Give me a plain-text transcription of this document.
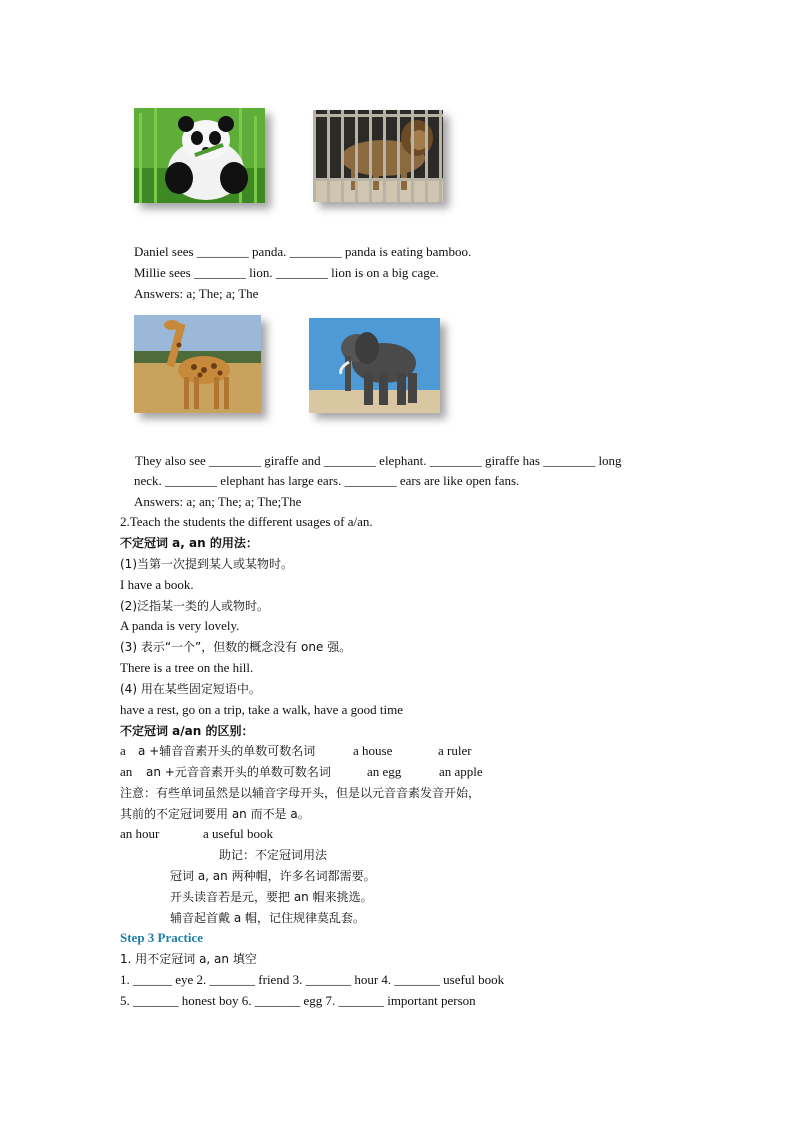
Daniel sees ________ panda. ________ panda is eating bamboo.
Millie sees ________ lion. ________ lion is on a big cage.
Answers: a; The; a; The
They also see ________ giraffe and ________ elephant. ________ giraffe has ________ long
neck. ________ elephant has large ears. ________ ears are like open fans.
Answers: a; an; The; a; The;The
2.Teach the students the different usages of a/an.
不定冠词 a, an 的用法：
(1)当第一次提到某人或某物时。
I have a book.
(2)泛指某一类的人或物时。
A panda is very lovely.
(3) 表示“一个”，但数的概念没有 one 强。
There is a tree on the hill.
(4) 用在某些固定短语中。
have a rest, go on a trip, take a walk, have a good time
不定冠词 a/an 的区别：
a a +辅音音素开头的单数可数名词	a house	a ruler
an an +元音音素开头的单数可数名词	an egg	an apple
注意：有些单词虽然是以辅音字母开头，但是以元音音素发音开始，
其前的不定冠词要用 an 而不是 a。
an hour	a useful book
助记：不定冠词用法
冠词 a, an 两种帽，许多名词都需要。
开头读音若是元，要把 an 帽来挑选。
辅音起首戴 a 帽，记住规律莫乱套。
Step 3 Practice
1. 用不定冠词 a, an 填空
1. ______ eye 2. _______ friend 3. _______ hour 4. _______ useful book
5. _______ honest boy 6. _______ egg 7. _______ important person
